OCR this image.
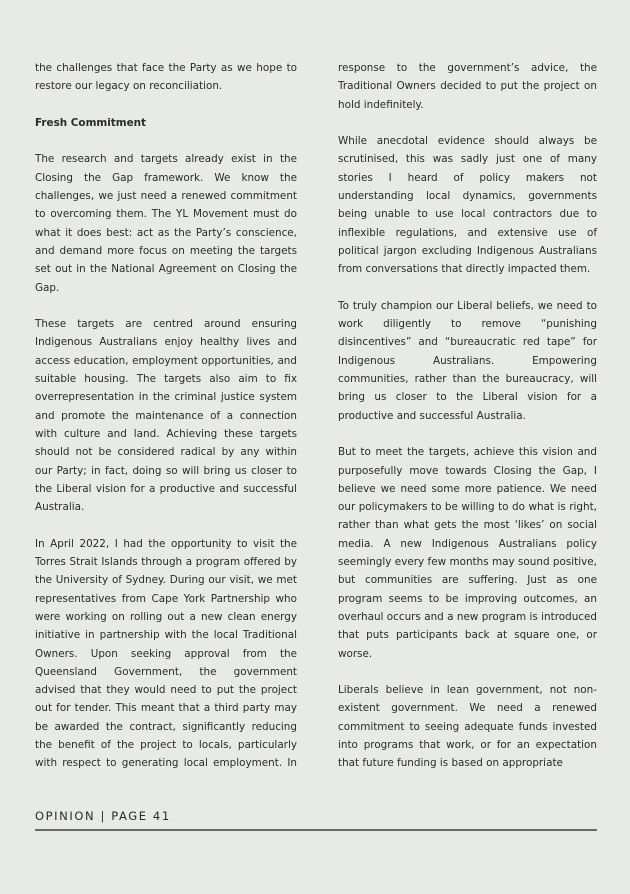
the challenges that face the Party as we hope to restore our legacy on reconciliation.

Fresh Commitment

The research and targets already exist in the Closing the Gap framework. We know the challenges, we just need a renewed commitment to overcoming them. The YL Movement must do what it does best: act as the Party’s conscience, and demand more focus on meeting the targets set out in the National Agreement on Closing the Gap.

These targets are centred around ensuring Indigenous Australians enjoy healthy lives and access education, employment opportunities, and suitable housing. The targets also aim to fix overrepresentation in the criminal justice system and promote the maintenance of a connection with culture and land. Achieving these targets should not be considered radical by any within our Party; in fact, doing so will bring us closer to the Liberal vision for a productive and successful Australia.

In April 2022, I had the opportunity to visit the Torres Strait Islands through a program offered by the University of Sydney. During our visit, we met representatives from Cape York Partnership who were working on rolling out a new clean energy initiative in partnership with the local Traditional Owners. Upon seeking approval from the Queensland Government, the government advised that they would need to put the project out for tender. This meant that a third party may be awarded the contract, significantly reducing the benefit of the project to locals, particularly with respect to generating local employment. In

response to the government’s advice, the Traditional Owners decided to put the project on hold indefinitely.

While anecdotal evidence should always be scrutinised, this was sadly just one of many stories I heard of policy makers not understanding local dynamics, governments being unable to use local contractors due to inflexible regulations, and extensive use of political jargon excluding Indigenous Australians from conversations that directly impacted them.

To truly champion our Liberal beliefs, we need to work diligently to remove “punishing disincentives” and “bureaucratic red tape” for Indigenous Australians. Empowering communities, rather than the bureaucracy, will bring us closer to the Liberal vision for a productive and successful Australia.

But to meet the targets, achieve this vision and purposefully move towards Closing the Gap, I believe we need some more patience. We need our policymakers to be willing to do what is right, rather than what gets the most ‘likes’ on social media. A new Indigenous Australians policy seemingly every few months may sound positive, but communities are suffering. Just as one program seems to be improving outcomes, an overhaul occurs and a new program is introduced that puts participants back at square one, or worse.

Liberals believe in lean government, not non-existent government. We need a renewed commitment to seeing adequate funds invested into programs that work, or for an expectation that future funding is based on appropriate

OPINION | PAGE 41
